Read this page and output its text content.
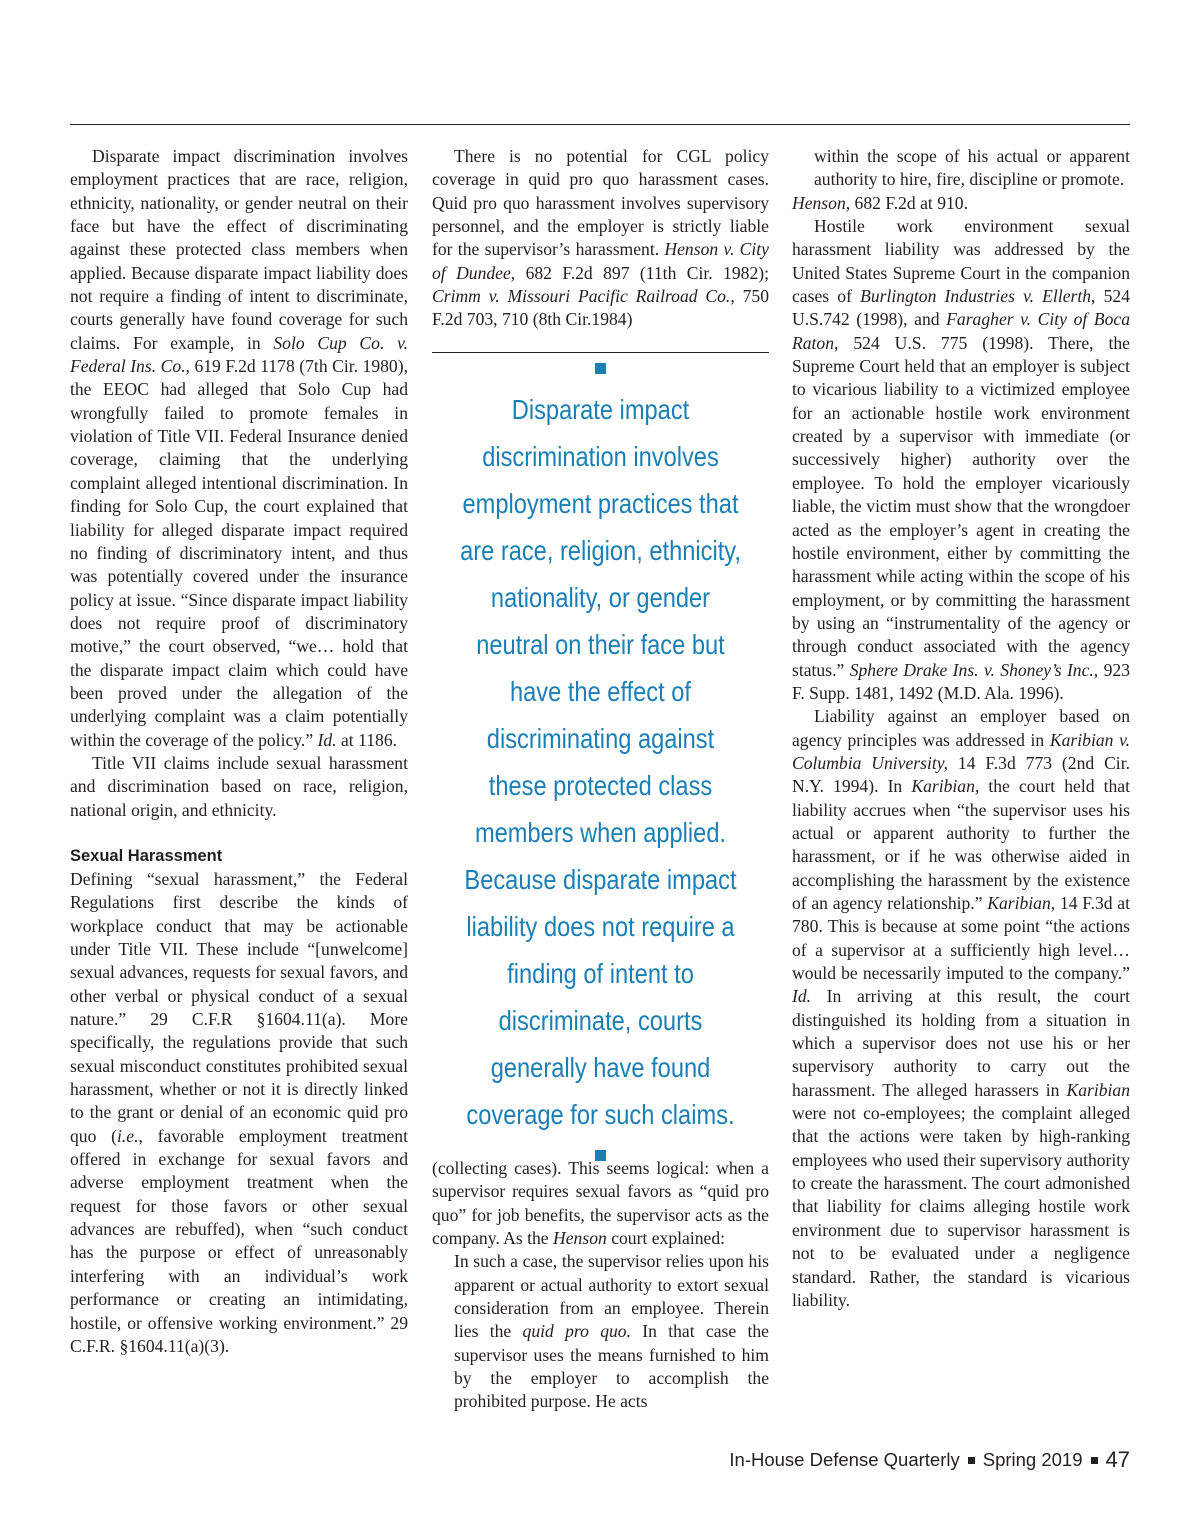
Disparate impact discrimination involves employment practices that are race, religion, ethnicity, nationality, or gender neutral on their face but have the effect of discriminating against these protected class members when applied. Because disparate impact liability does not require a finding of intent to discriminate, courts generally have found coverage for such claims. For example, in Solo Cup Co. v. Federal Ins. Co., 619 F.2d 1178 (7th Cir. 1980), the EEOC had alleged that Solo Cup had wrongfully failed to promote females in violation of Title VII. Federal Insurance denied coverage, claiming that the underlying complaint alleged intentional discrimination. In finding for Solo Cup, the court explained that liability for alleged disparate impact required no finding of discriminatory intent, and thus was potentially covered under the insurance policy at issue. “Since disparate impact liability does not require proof of discriminatory motive,” the court observed, “we… hold that the disparate impact claim which could have been proved under the allegation of the underlying complaint was a claim potentially within the coverage of the policy.” Id. at 1186.

Title VII claims include sexual harassment and discrimination based on race, religion, national origin, and ethnicity.

Sexual Harassment

Defining “sexual harassment,” the Federal Regulations first describe the kinds of workplace conduct that may be actionable under Title VII. These include “[unwelcome] sexual advances, requests for sexual favors, and other verbal or physical conduct of a sexual nature.” 29 C.F.R §1604.11(a). More specifically, the regulations provide that such sexual misconduct constitutes prohibited sexual harassment, whether or not it is directly linked to the grant or denial of an economic quid pro quo (i.e., favorable employment treatment offered in exchange for sexual favors and adverse employment treatment when the request for those favors or other sexual advances are rebuffed), when “such conduct has the purpose or effect of unreasonably interfering with an individual’s work performance or creating an intimidating, hostile, or offensive working environment.” 29 C.F.R. §1604.11(a)(3).

There is no potential for CGL policy coverage in quid pro quo harassment cases. Quid pro quo harassment involves supervisory personnel, and the employer is strictly liable for the supervisor’s harassment. Henson v. City of Dundee, 682 F.2d 897 (11th Cir. 1982); Crimm v. Missouri Pacific Railroad Co., 750 F.2d 703, 710 (8th Cir.1984)

Disparate impact discrimination involves employment practices that are race, religion, ethnicity, nationality, or gender neutral on their face but have the effect of discriminating against these protected class members when applied. Because disparate impact liability does not require a finding of intent to discriminate, courts generally have found coverage for such claims.

(collecting cases). This seems logical: when a supervisor requires sexual favors as “quid pro quo” for job benefits, the supervisor acts as the company. As the Henson court explained:

In such a case, the supervisor relies upon his apparent or actual authority to extort sexual consideration from an employee. Therein lies the quid pro quo. In that case the supervisor uses the means furnished to him by the employer to accomplish the prohibited purpose. He acts

within the scope of his actual or apparent authority to hire, fire, discipline or promote.

Henson, 682 F.2d at 910.

Hostile work environment sexual harassment liability was addressed by the United States Supreme Court in the companion cases of Burlington Industries v. Ellerth, 524 U.S.742 (1998), and Faragher v. City of Boca Raton, 524 U.S. 775 (1998). There, the Supreme Court held that an employer is subject to vicarious liability to a victimized employee for an actionable hostile work environment created by a supervisor with immediate (or successively higher) authority over the employee. To hold the employer vicariously liable, the victim must show that the wrongdoer acted as the employer’s agent in creating the hostile environment, either by committing the harassment while acting within the scope of his employment, or by committing the harassment by using an “instrumentality of the agency or through conduct associated with the agency status.” Sphere Drake Ins. v. Shoney’s Inc., 923 F. Supp. 1481, 1492 (M.D. Ala. 1996).

Liability against an employer based on agency principles was addressed in Karibian v. Columbia University, 14 F.3d 773 (2nd Cir. N.Y. 1994). In Karibian, the court held that liability accrues when “the supervisor uses his actual or apparent authority to further the harassment, or if he was otherwise aided in accomplishing the harassment by the existence of an agency relationship.” Karibian, 14 F.3d at 780. This is because at some point “the actions of a supervisor at a sufficiently high level… would be necessarily imputed to the company.” Id. In arriving at this result, the court distinguished its holding from a situation in which a supervisor does not use his or her supervisory authority to carry out the harassment. The alleged harassers in Karibian were not co-employees; the complaint alleged that the actions were taken by high-ranking employees who used their supervisory authority to create the harassment. The court admonished that liability for claims alleging hostile work environment due to supervisor harassment is not to be evaluated under a negligence standard. Rather, the standard is vicarious liability.

In-House Defense Quarterly Spring 2019 47
